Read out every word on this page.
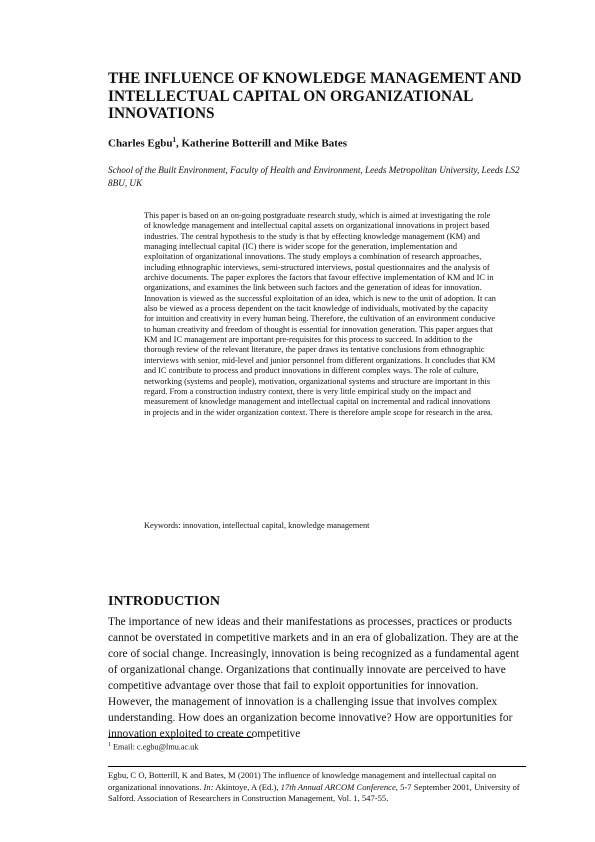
THE INFLUENCE OF KNOWLEDGE MANAGEMENT AND INTELLECTUAL CAPITAL ON ORGANIZATIONAL INNOVATIONS
Charles Egbu$^1$, Katherine Botterill and Mike Bates
School of the Built Environment, Faculty of Health and Environment, Leeds Metropolitan University, Leeds LS2 8BU, UK
This paper is based on an on-going postgraduate research study, which is aimed at investigating the role of knowledge management and intellectual capital assets on organizational innovations in project based industries. The central hypothesis to the study is that by effecting knowledge management (KM) and managing intellectual capital (IC) there is wider scope for the generation, implementation and exploitation of organizational innovations. The study employs a combination of research approaches, including ethnographic interviews, semi-structured interviews, postal questionnaires and the analysis of archive documents. The paper explores the factors that favour effective implementation of KM and IC in organizations, and examines the link between such factors and the generation of ideas for innovation. Innovation is viewed as the successful exploitation of an idea, which is new to the unit of adoption. It can also be viewed as a process dependent on the tacit knowledge of individuals, motivated by the capacity for intuition and creativity in every human being. Therefore, the cultivation of an environment conducive to human creativity and freedom of thought is essential for innovation generation. This paper argues that KM and IC management are important pre-requisites for this process to succeed. In addition to the thorough review of the relevant literature, the paper draws its tentative conclusions from ethnographic interviews with senior, mid-level and junior personnel from different organizations. It concludes that KM and IC contribute to process and product innovations in different complex ways. The role of culture, networking (systems and people), motivation, organizational systems and structure are important in this regard. From a construction industry context, there is very little empirical study on the impact and measurement of knowledge management and intellectual capital on incremental and radical innovations in projects and in the wider organization context. There is therefore ample scope for research in the area.
Keywords: innovation, intellectual capital, knowledge management
INTRODUCTION
The importance of new ideas and their manifestations as processes, practices or products cannot be overstated in competitive markets and in an era of globalization. They are at the core of social change. Increasingly, innovation is being recognized as a fundamental agent of organizational change. Organizations that continually innovate are perceived to have competitive advantage over those that fail to exploit opportunities for innovation. However, the management of innovation is a challenging issue that involves complex understanding. How does an organization become innovative? How are opportunities for innovation exploited to create competitive
$^1$ Email: c.egbu@lmu.ac.uk
Egbu, C O, Botterill, K and Bates, M (2001) The influence of knowledge management and intellectual capital on organizational innovations. In: Akintoye, A (Ed.), 17th Annual ARCOM Conference, 5-7 September 2001, University of Salford. Association of Researchers in Construction Management, Vol. 1, 547-55.
